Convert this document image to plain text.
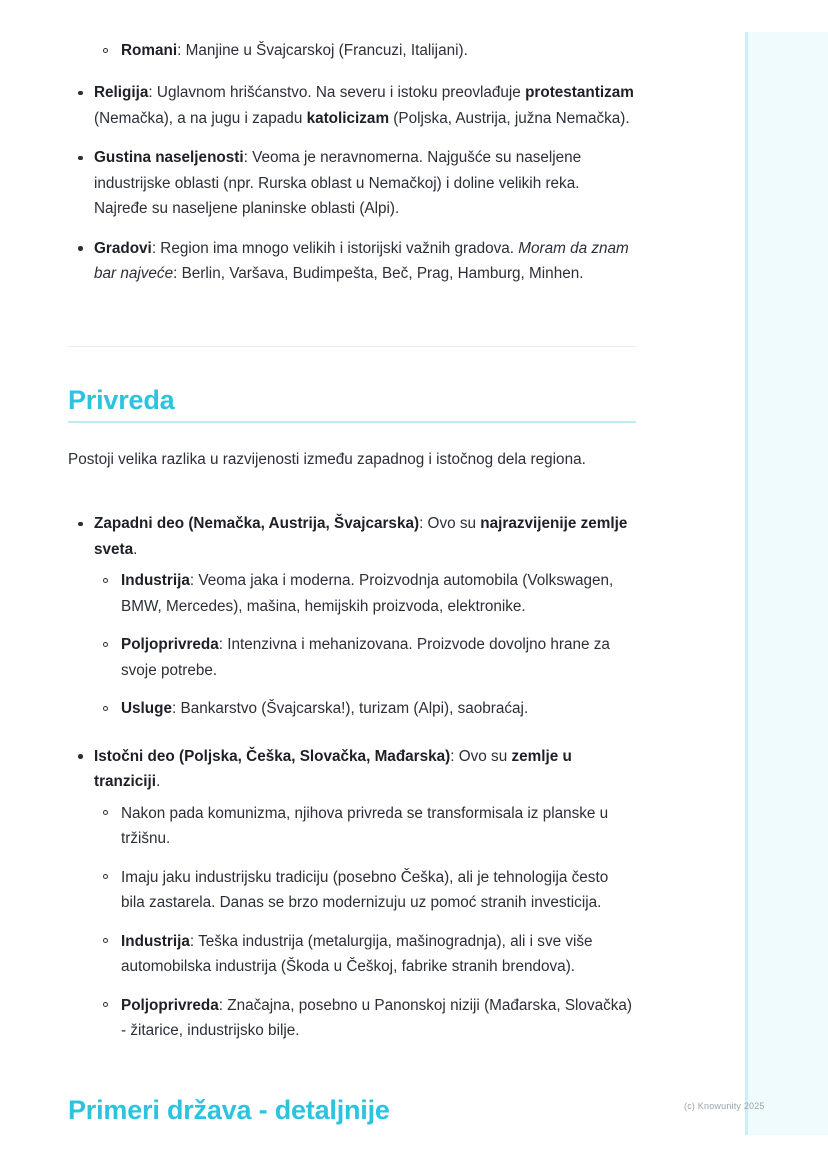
Romani: Manjine u Švajcarskoj (Francuzi, Italijani).
Religija: Uglavnom hrišćanstvo. Na severu i istoku preovlađuje protestantizam (Nemačka), a na jugu i zapadu katolicizam (Poljska, Austrija, južna Nemačka).
Gustina naseljenosti: Veoma je neravnomerna. Najgušće su naseljene industrijske oblasti (npr. Rurska oblast u Nemačkoj) i doline velikih reka. Najređe su naseljene planinske oblasti (Alpi).
Gradovi: Region ima mnogo velikih i istorijski važnih gradova. Moram da znam bar najveće: Berlin, Varšava, Budimpešta, Beč, Prag, Hamburg, Minhen.
Privreda

Postoji velika razlika u razvijenosti između zapadnog i istočnog dela regiona.

Zapadni deo (Nemačka, Austrija, Švajcarska): Ovo su najrazvijenije zemlje sveta.
Industrija: Veoma jaka i moderna. Proizvodnja automobila (Volkswagen, BMW, Mercedes), mašina, hemijskih proizvoda, elektronike.
Poljoprivreda: Intenzivna i mehanizovana. Proizvode dovoljno hrane za svoje potrebe.
Usluge: Bankarstvo (Švajcarska!), turizam (Alpi), saobraćaj.
Istočni deo (Poljska, Češka, Slovačka, Mađarska): Ovo su zemlje u tranziciji.
Nakon pada komunizma, njihova privreda se transformisala iz planske u tržišnu.
Imaju jaku industrijsku tradiciju (posebno Češka), ali je tehnologija često bila zastarela. Danas se brzo modernizuju uz pomoć stranih investicija.
Industrija: Teška industrija (metalurgija, mašinogradnja), ali i sve više automobilska industrija (Škoda u Češkoj, fabrike stranih brendova).
Poljoprivreda: Značajna, posebno u Panonskoj niziji (Mađarska, Slovačka) - žitarice, industrijsko bilje.
Primeri država - detaljnije	(c) Knowunity 2025
